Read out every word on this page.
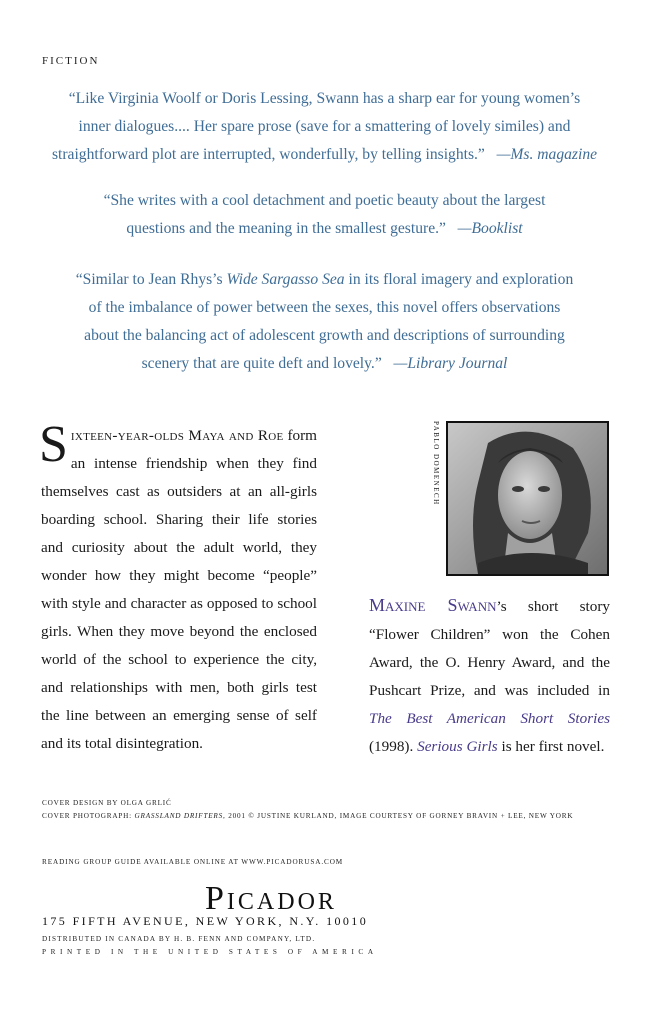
FICTION
“Like Virginia Woolf or Doris Lessing, Swann has a sharp ear for young women’s
inner dialogues.... Her spare prose (save for a smattering of lovely similes) and
straightforward plot are interrupted, wonderfully, by telling insights.” —Ms. magazine
“She writes with a cool detachment and poetic beauty about the largest
questions and the meaning in the smallest gesture.” —Booklist
“Similar to Jean Rhys’s Wide Sargasso Sea in its floral imagery and exploration
of the imbalance of power between the sexes, this novel offers observations
about the balancing act of adolescent growth and descriptions of surrounding
scenery that are quite deft and lovely.” —Library Journal
Sixteen-year-olds Maya and Roe form an intense friendship when they find themselves cast as outsiders at an all-girls boarding school. Sharing their life stories and curiosity about the adult world, they wonder how they might become “people” with style and character as opposed to school girls. When they move beyond the enclosed world of the school to experience the city, and relationships with men, both girls test the line between an emerging sense of self and its total disintegration.
PABLO DOMENECH
Maxine Swann’s short story “Flower Children” won the Cohen Award, the O. Henry Award, and the Pushcart Prize, and was included in The Best American Short Stories (1998). Serious Girls is her first novel.
COVER DESIGN BY OLGA GRLIĆ
COVER PHOTOGRAPH: GRASSLAND DRIFTERS, 2001 © JUSTINE KURLAND, IMAGE COURTESY OF GORNEY BRAVIN + LEE, NEW YORK
READING GROUP GUIDE AVAILABLE ONLINE AT WWW.PICADORUSA.COM
Picador
175 FIFTH AVENUE, NEW YORK, N.Y. 10010
DISTRIBUTED IN CANADA BY H. B. FENN AND COMPANY, LTD.
PRINTED IN THE UNITED STATES OF AMERICA
